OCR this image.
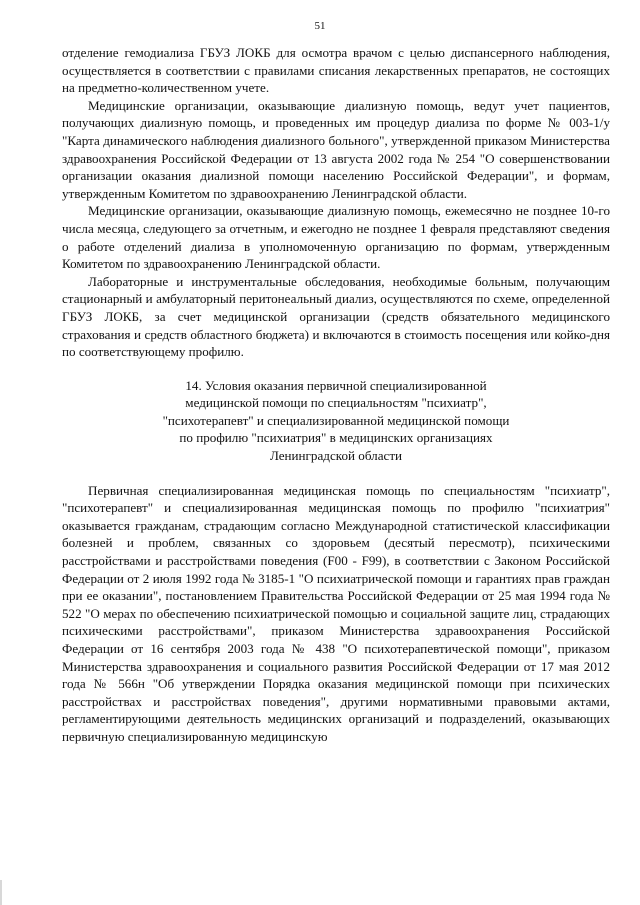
51

отделение гемодиализа ГБУЗ ЛОКБ для осмотра врачом с целью диспансерного наблюдения, осуществляется в соответствии с правилами списания лекарственных препаратов, не состоящих на предметно-количественном учете.

Медицинские организации, оказывающие диализную помощь, ведут учет пациентов, получающих диализную помощь, и проведенных им процедур диализа по форме № 003-1/у "Карта динамического наблюдения диализного больного", утвержденной приказом Министерства здравоохранения Российской Федерации от 13 августа 2002 года № 254 "О совершенствовании организации оказания диализной помощи населению Российской Федерации", и формам, утвержденным Комитетом по здравоохранению Ленинградской области.

Медицинские организации, оказывающие диализную помощь, ежемесячно не позднее 10-го числа месяца, следующего за отчетным, и ежегодно не позднее 1 февраля представляют сведения о работе отделений диализа в уполномоченную организацию по формам, утвержденным Комитетом по здравоохранению Ленинградской области.

Лабораторные и инструментальные обследования, необходимые больным, получающим стационарный и амбулаторный перитонеальный диализ, осуществляются по схеме, определенной ГБУЗ ЛОКБ, за счет медицинской организации (средств обязательного медицинского страхования и средств областного бюджета) и включаются в стоимость посещения или койко-дня по соответствующему профилю.

14. Условия оказания первичной специализированной
медицинской помощи по специальностям "психиатр",
"психотерапевт" и специализированной медицинской помощи
по профилю "психиатрия" в медицинских организациях
Ленинградской области

Первичная специализированная медицинская помощь по специальностям "психиатр", "психотерапевт" и специализированная медицинская помощь по профилю "психиатрия" оказывается гражданам, страдающим согласно Международной статистической классификации болезней и проблем, связанных со здоровьем (десятый пересмотр), психическими расстройствами и расстройствами поведения (F00 - F99), в соответствии с Законом Российской Федерации от 2 июля 1992 года № 3185-1 "О психиатрической помощи и гарантиях прав граждан при ее оказании", постановлением Правительства Российской Федерации от 25 мая 1994 года № 522 "О мерах по обеспечению психиатрической помощью и социальной защите лиц, страдающих психическими расстройствами", приказом Министерства здравоохранения Российской Федерации от 16 сентября 2003 года № 438 "О психотерапевтической помощи", приказом Министерства здравоохранения и социального развития Российской Федерации от 17 мая 2012 года № 566н "Об утверждении Порядка оказания медицинской помощи при психических расстройствах и расстройствах поведения", другими нормативными правовыми актами, регламентирующими деятельность медицинских организаций и подразделений, оказывающих первичную специализированную медицинскую
